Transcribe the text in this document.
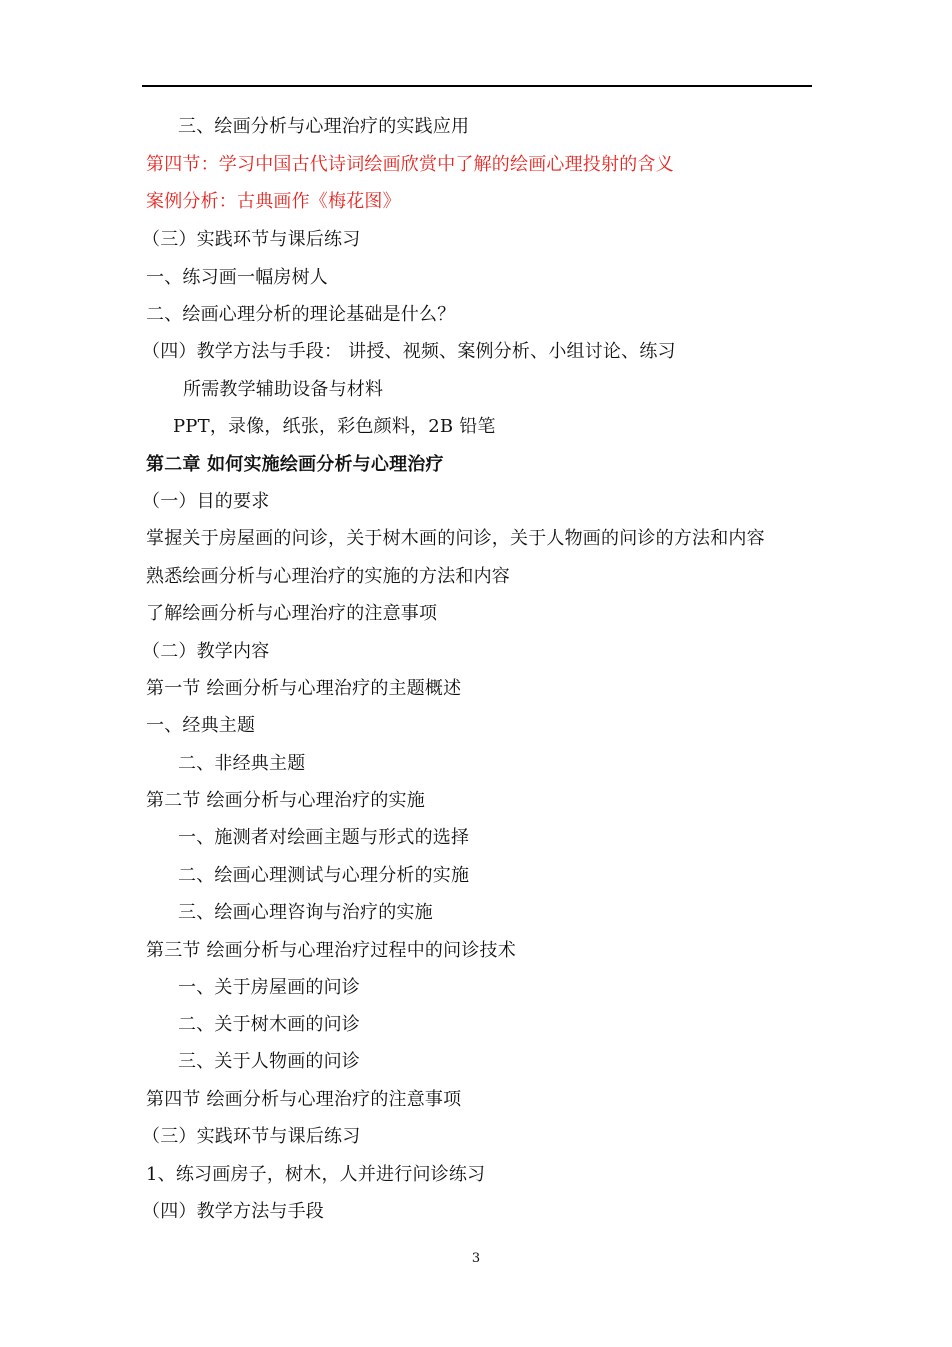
三、绘画分析与心理治疗的实践应用
第四节：学习中国古代诗词绘画欣赏中了解的绘画心理投射的含义
案例分析：古典画作《梅花图》
（三）实践环节与课后练习
一、练习画一幅房树人
二、绘画心理分析的理论基础是什么？
（四）教学方法与手段： 讲授、视频、案例分析、小组讨论、练习
所需教学辅助设备与材料
PPT，录像，纸张，彩色颜料，2B 铅笔
第二章 如何实施绘画分析与心理治疗
（一）目的要求
掌握关于房屋画的问诊，关于树木画的问诊，关于人物画的问诊的方法和内容
熟悉绘画分析与心理治疗的实施的方法和内容
了解绘画分析与心理治疗的注意事项
（二）教学内容
第一节 绘画分析与心理治疗的主题概述
一、经典主题
二、非经典主题
第二节 绘画分析与心理治疗的实施
一、施测者对绘画主题与形式的选择
二、绘画心理测试与心理分析的实施
三、绘画心理咨询与治疗的实施
第三节 绘画分析与心理治疗过程中的问诊技术
一、关于房屋画的问诊
二、关于树木画的问诊
三、关于人物画的问诊
第四节 绘画分析与心理治疗的注意事项
（三）实践环节与课后练习
1、练习画房子，树木，人并进行问诊练习
（四）教学方法与手段
3
